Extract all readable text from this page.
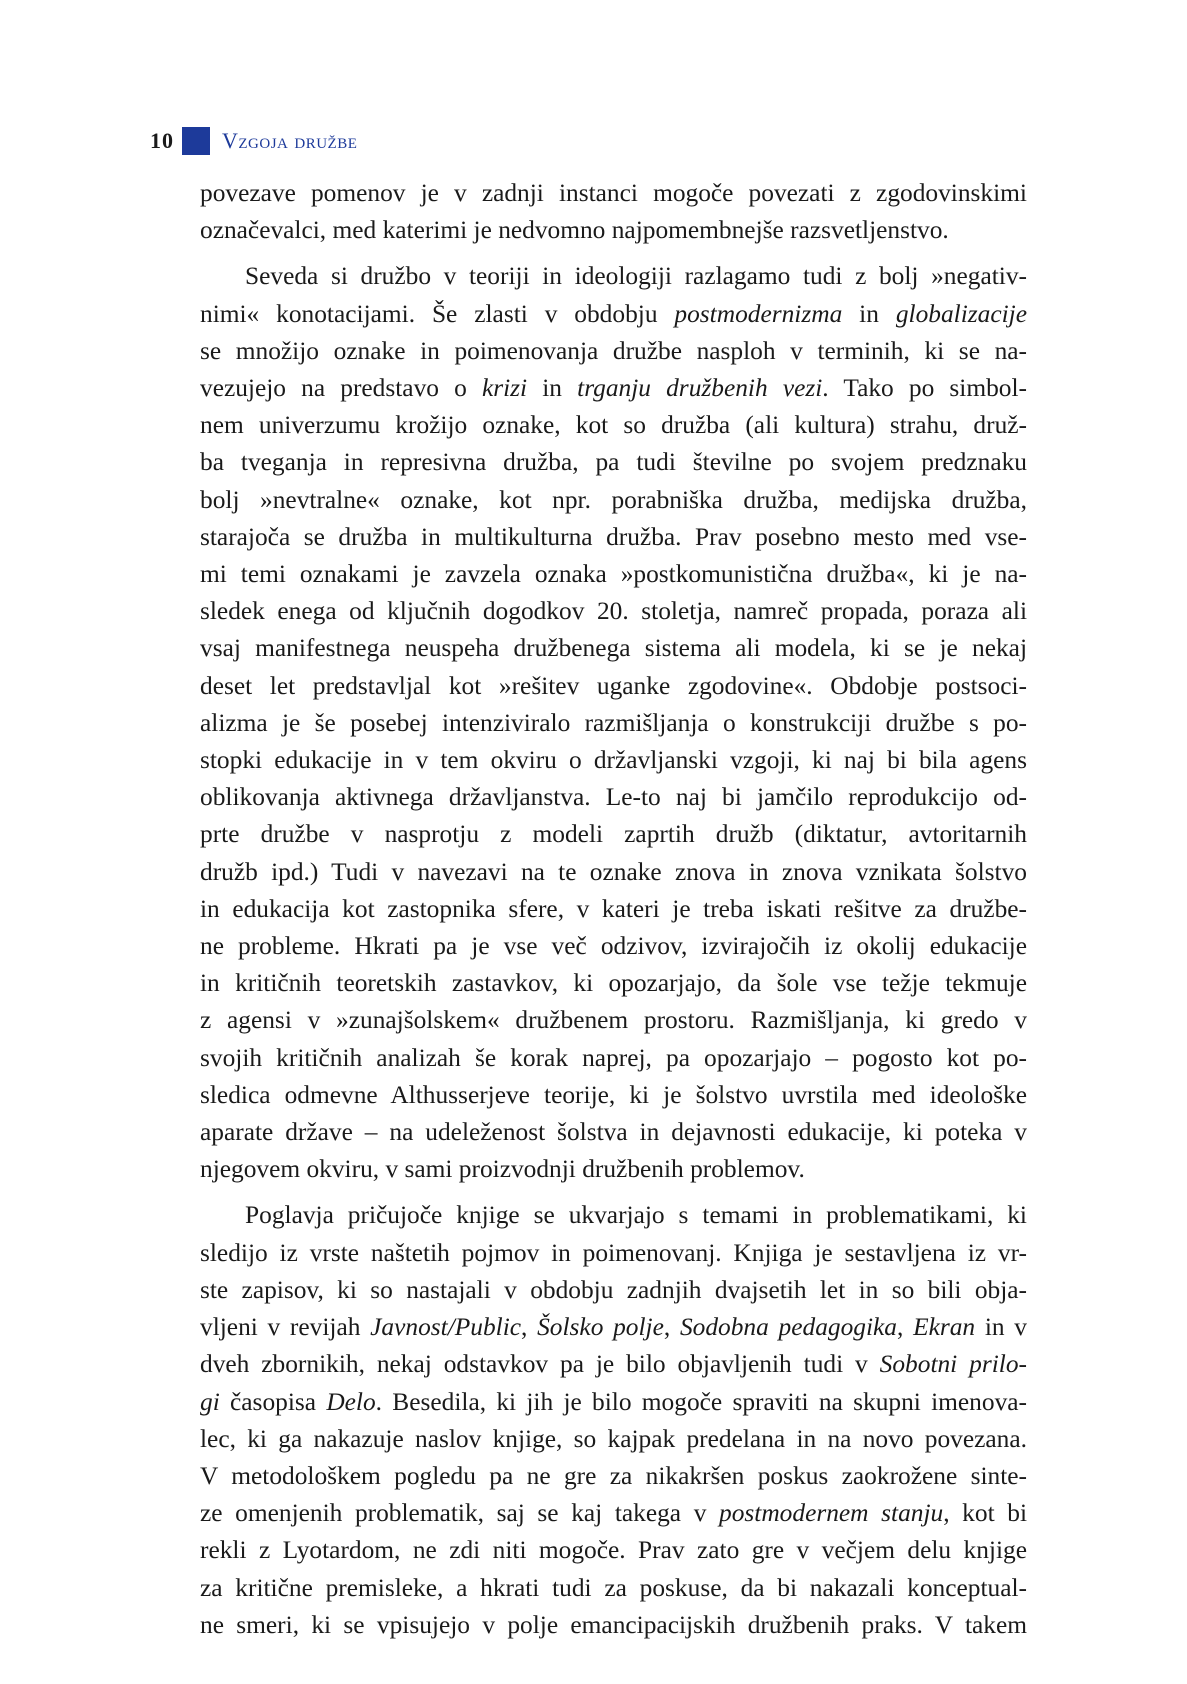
10 Vzgoja družbe
povezave pomenov je v zadnji instanci mogoče povezati z zgodovinskimi
označevalci, med katerimi je nedvomno najpomembnejše razsvetljenstvo.
Seveda si družbo v teoriji in ideologiji razlagamo tudi z bolj »negativ-
nimi« konotacijami. Še zlasti v obdobju postmodernizma in globalizacije
se množijo oznake in poimenovanja družbe nasploh v terminih, ki se na-
vezujejo na predstavo o krizi in trganju družbenih vezi. Tako po simbol-
nem univerzumu krožijo oznake, kot so družba (ali kultura) strahu, druž-
ba tveganja in represivna družba, pa tudi številne po svojem predznaku
bolj »nevtralne« oznake, kot npr. porabniška družba, medijska družba,
starajoča se družba in multikulturna družba. Prav posebno mesto med vse-
mi temi oznakami je zavzela oznaka »postkomunistična družba«, ki je na-
sledek enega od ključnih dogodkov 20. stoletja, namreč propada, poraza ali
vsaj manifestnega neuspeha družbenega sistema ali modela, ki se je nekaj
deset let predstavljal kot »rešitev uganke zgodovine«. Obdobje postsoci-
alizma je še posebej intenziviralo razmišljanja o konstrukciji družbe s po-
stopki edukacije in v tem okviru o državljanski vzgoji, ki naj bi bila agens
oblikovanja aktivnega državljanstva. Le-to naj bi jamčilo reprodukcijo od-
prte družbe v nasprotju z modeli zaprtih družb (diktatur, avtoritarnih
družb ipd.) Tudi v navezavi na te oznake znova in znova vznikata šolstvo
in edukacija kot zastopnika sfere, v kateri je treba iskati rešitve za družbe-
ne probleme. Hkrati pa je vse več odzivov, izvirajočih iz okolij edukacije
in kritičnih teoretskih zastavkov, ki opozarjajo, da šole vse težje tekmuje
z agensi v »zunajšolskem« družbenem prostoru. Razmišljanja, ki gredo v
svojih kritičnih analizah še korak naprej, pa opozarjajo – pogosto kot po-
sledica odmevne Althusserjeve teorije, ki je šolstvo uvrstila med ideološke
aparate države – na udeleženost šolstva in dejavnosti edukacije, ki poteka v
njegovem okviru, v sami proizvodnji družbenih problemov.
Poglavja pričujoče knjige se ukvarjajo s temami in problematikami, ki
sledijo iz vrste naštetih pojmov in poimenovanj. Knjiga je sestavljena iz vr-
ste zapisov, ki so nastajali v obdobju zadnjih dvajsetih let in so bili obja-
vljeni v revijah Javnost/Public, Šolsko polje, Sodobna pedagogika, Ekran in v
dveh zbornikih, nekaj odstavkov pa je bilo objavljenih tudi v Sobotni prilo-
gi časopisa Delo. Besedila, ki jih je bilo mogoče spraviti na skupni imenova-
lec, ki ga nakazuje naslov knjige, so kajpak predelana in na novo povezana.
V metodološkem pogledu pa ne gre za nikakršen poskus zaokrožene sinte-
ze omenjenih problematik, saj se kaj takega v postmodernem stanju, kot bi
rekli z Lyotardom, ne zdi niti mogoče. Prav zato gre v večjem delu knjige
za kritične premisleke, a hkrati tudi za poskuse, da bi nakazali konceptual-
ne smeri, ki se vpisujejo v polje emancipacijskih družbenih praks. V takem
